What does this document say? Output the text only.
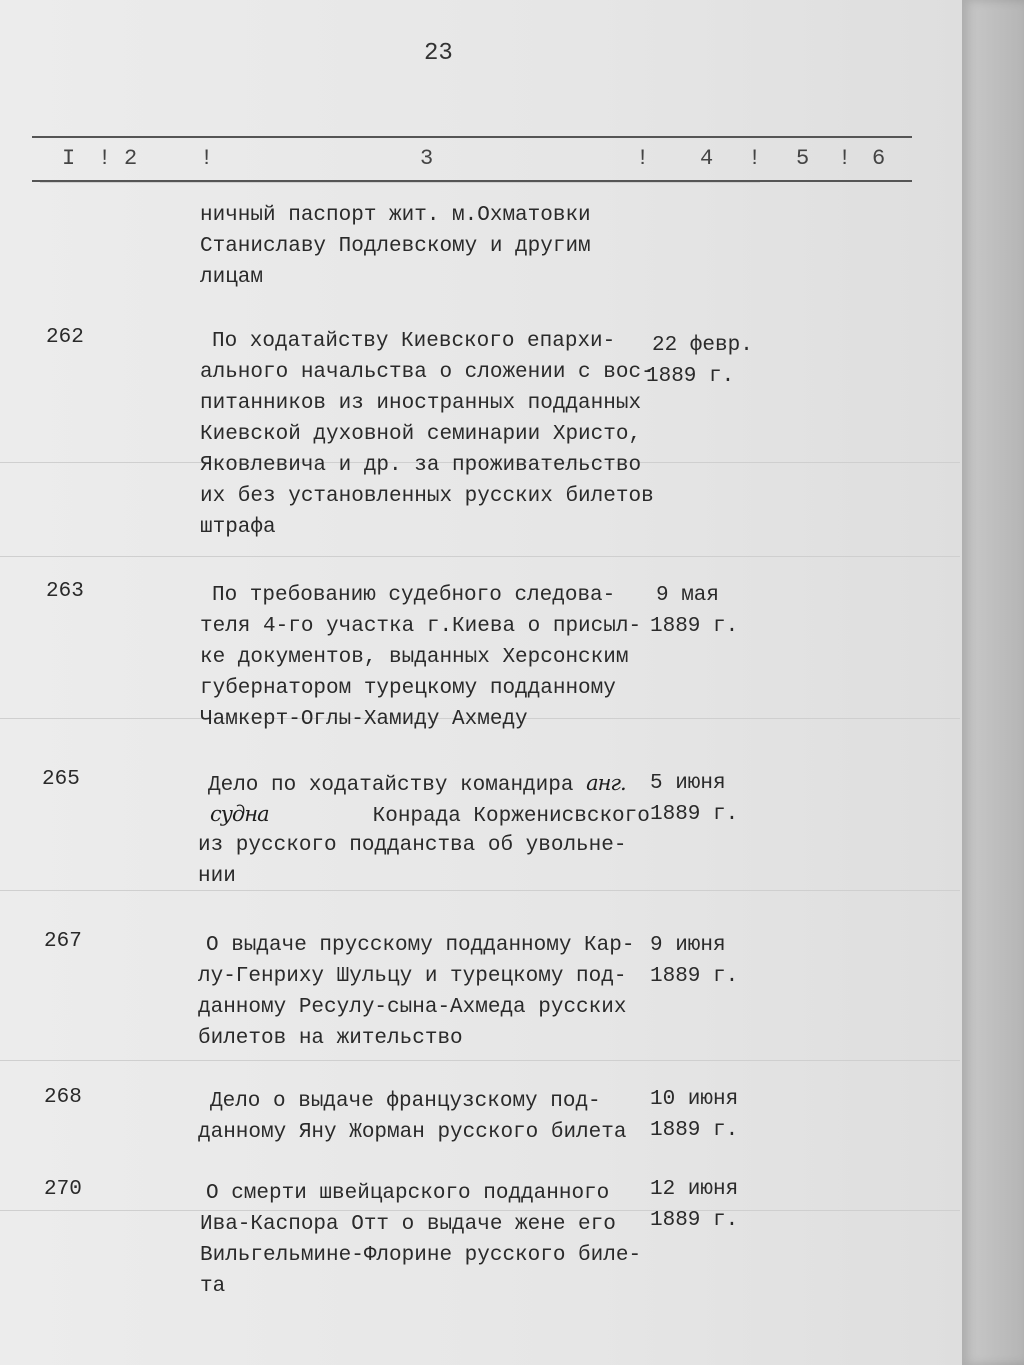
23
I ! 2	!	3	! 4 ! 5 ! 6
ничный паспорт жит. м.Охматовки
Станиславу Подлевскому и другим
лицам
262	По ходатайству Киевского епархи-
ального начальства о сложении с вос-
питанников из иностранных подданных
Киевской духовной семинарии Христо,
Яковлевича и др. за проживательство
их без установленных русских билетов
штрафа
22 февр.
1889 г.
263	По требованию судебного следова-
теля 4-го участка г.Киева о присыл-
ке документов, выданных Херсонским
губернатором турецкому подданному
Чамкерт-Оглы-Хамиду Ахмеду
9 мая
1889 г.
265	Дело по ходатайству командира анг.
судна	Конрада Корженисвского
из русского подданства об увольне-
нии
5 июня
1889 г.
267	О выдаче прусскому подданному Кар-
лу-Генриху Шульцу и турецкому под-
данному Ресулу-сына-Ахмеда русских
билетов на жительство
9 июня
1889 г.
268	Дело о выдаче французскому под-
данному Яну Жорман русского билета
10 июня
1889 г.
270	О смерти швейцарского подданного
Ива-Каспора Отт о выдаче жене его
Вильгельмине-Флорине русского биле-
та
12 июня
1889 г.
